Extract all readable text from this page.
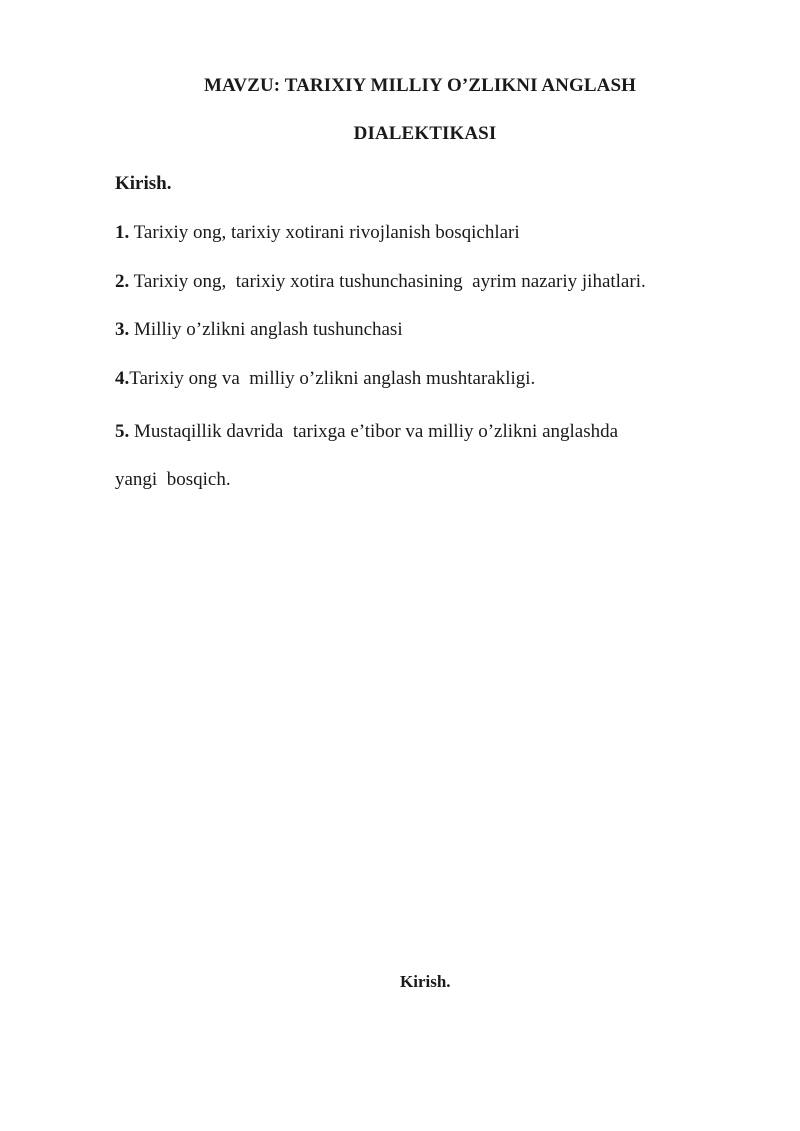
MAVZU: TARIXIY MILLIY O’ZLIKNI ANGLASH
DIALEKTIKASI
Kirish.
1. Tarixiy ong, tarixiy xotirani rivojlanish bosqichlari
2. Tarixiy ong,  tarixiy xotira tushunchasining  ayrim nazariy jihatlari.
3. Milliy o’zlikni anglash tushunchasi
4.Tarixiy ong va  milliy o’zlikni anglash mushtarakligi.
5. Mustaqillik davrida  tarixga e’tibor va milliy o’zlikni anglashda
yangi  bosqich.
Kirish.
